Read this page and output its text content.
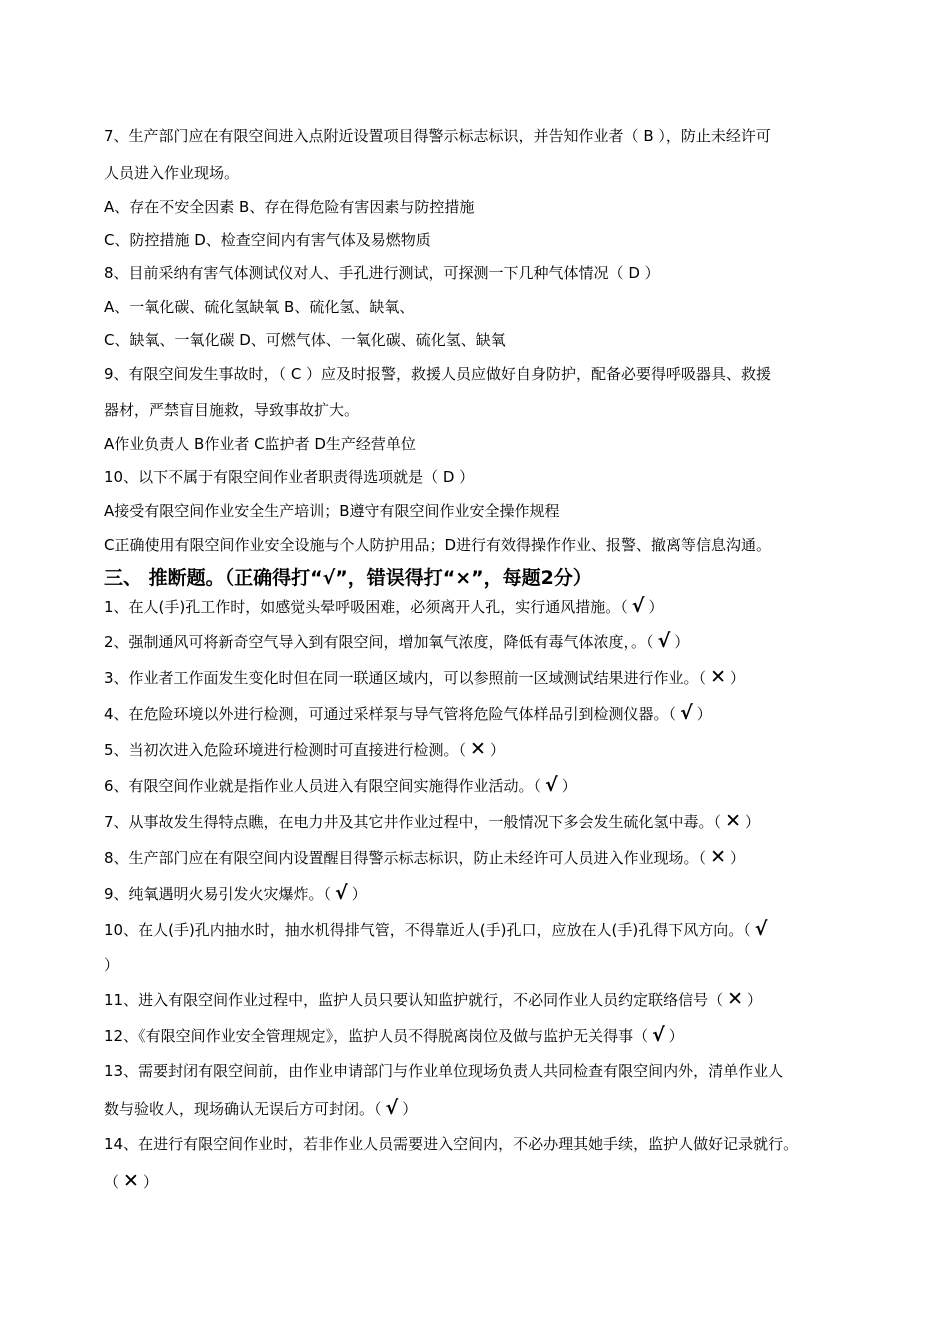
7、生产部门应在有限空间进入点附近设置项目得警示标志标识，并告知作业者（ B ），防止未经许可
人员进入作业现场。
A、存在不安全因素 B、存在得危险有害因素与防控措施
C、防控措施 D、检查空间内有害气体及易燃物质
8、目前采纳有害气体测试仪对人、手孔进行测试，可探测一下几种气体情况（ D ）
A、一氧化碳、硫化氢缺氧 B、硫化氢、缺氧、
C、缺氧、一氧化碳 D、可燃气体、一氧化碳、硫化氢、缺氧
9、有限空间发生事故时，（ C ）应及时报警，救援人员应做好自身防护，配备必要得呼吸器具、救援
器材，严禁盲目施救，导致事故扩大。
A作业负责人 B作业者 C监护者 D生产经营单位
10、以下不属于有限空间作业者职责得选项就是（ D ）
A接受有限空间作业安全生产培训；B遵守有限空间作业安全操作规程
C正确使用有限空间作业安全设施与个人防护用品；D进行有效得操作作业、报警、撤离等信息沟通。
三、 推断题。（正确得打“√”，错误得打“×”，每题2分）
1、在人(手)孔工作时，如感觉头晕呼吸困难，必须离开人孔，实行通风措施。（ √ ）
2、强制通风可将新奇空气导入到有限空间，增加氧气浓度，降低有毒气体浓度，。（ √ ）
3、作业者工作面发生变化时但在同一联通区域内，可以参照前一区域测试结果进行作业。（ ✕ ）
4、在危险环境以外进行检测，可通过采样泵与导气管将危险气体样品引到检测仪器。（ √ ）
5、当初次进入危险环境进行检测时可直接进行检测。（ ✕ ）
6、有限空间作业就是指作业人员进入有限空间实施得作业活动。（ √ ）
7、从事故发生得特点瞧，在电力井及其它井作业过程中，一般情况下多会发生硫化氢中毒。（ ✕ ）
8、生产部门应在有限空间内设置醒目得警示标志标识，防止未经许可人员进入作业现场。（ ✕ ）
9、纯氧遇明火易引发火灾爆炸。（ √ ）
10、在人(手)孔内抽水时，抽水机得排气管，不得靠近人(手)孔口，应放在人(手)孔得下风方向。（ √
）
11、进入有限空间作业过程中，监护人员只要认知监护就行，不必同作业人员约定联络信号（ ✕ ）
12、《有限空间作业安全管理规定》，监护人员不得脱离岗位及做与监护无关得事（ √ ）
13、需要封闭有限空间前，由作业申请部门与作业单位现场负责人共同检查有限空间内外，清单作业人
数与验收人，现场确认无误后方可封闭。（ √ ）
14、在进行有限空间作业时，若非作业人员需要进入空间内，不必办理其她手续，监护人做好记录就行。
（ ✕ ）
